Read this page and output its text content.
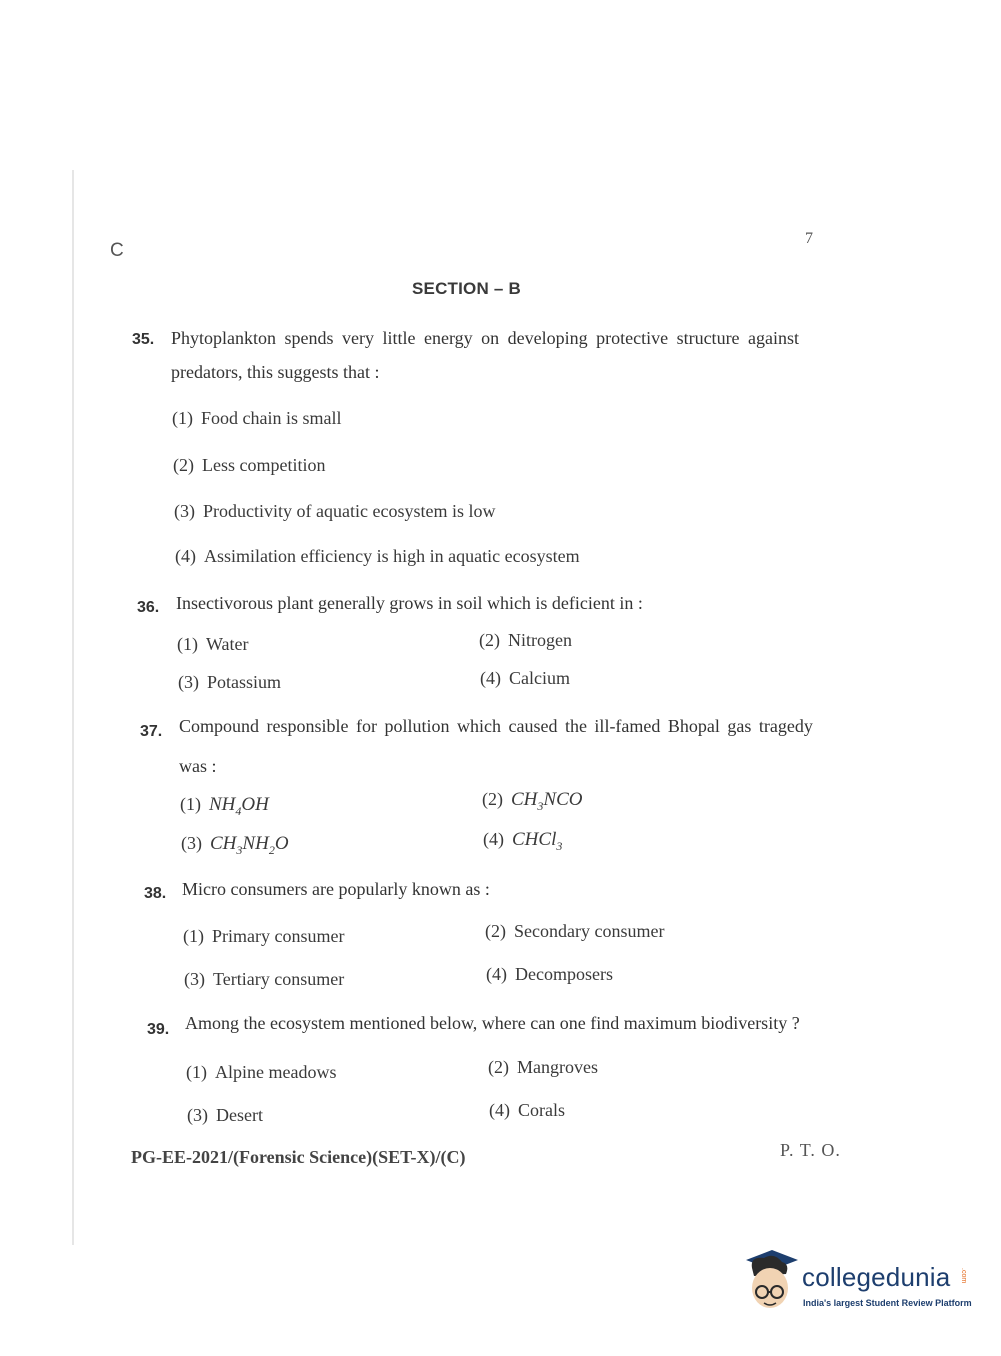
C
7
SECTION – B
35. Phytoplankton spends very little energy on developing protective structure against
predators, this suggests that :
(1) Food chain is small
(2) Less competition
(3) Productivity of aquatic ecosystem is low
(4) Assimilation efficiency is high in aquatic ecosystem
36. Insectivorous plant generally grows in soil which is deficient in :
(1) Water	(2) Nitrogen
(3) Potassium	(4) Calcium
37. Compound responsible for pollution which caused the ill-famed Bhopal gas tragedy
was :
(1) $NH_4OH$	(2) $CH_3NCO$
(3) $CH_3NH_2O$	(4) CHCl$_3$
38. Micro consumers are popularly known as :
(1) Primary consumer	(2) Secondary consumer
(3) Tertiary consumer	(4) Decomposers
39. Among the ecosystem mentioned below, where can one find maximum biodiversity ?
(1) Alpine meadows	(2) Mangroves
(3) Desert	(4) Corals
PG-EE-2021/(Forensic Science)(SET-X)/(C)	P. T. O.
collegedunia .com
India's largest Student Review Platform
